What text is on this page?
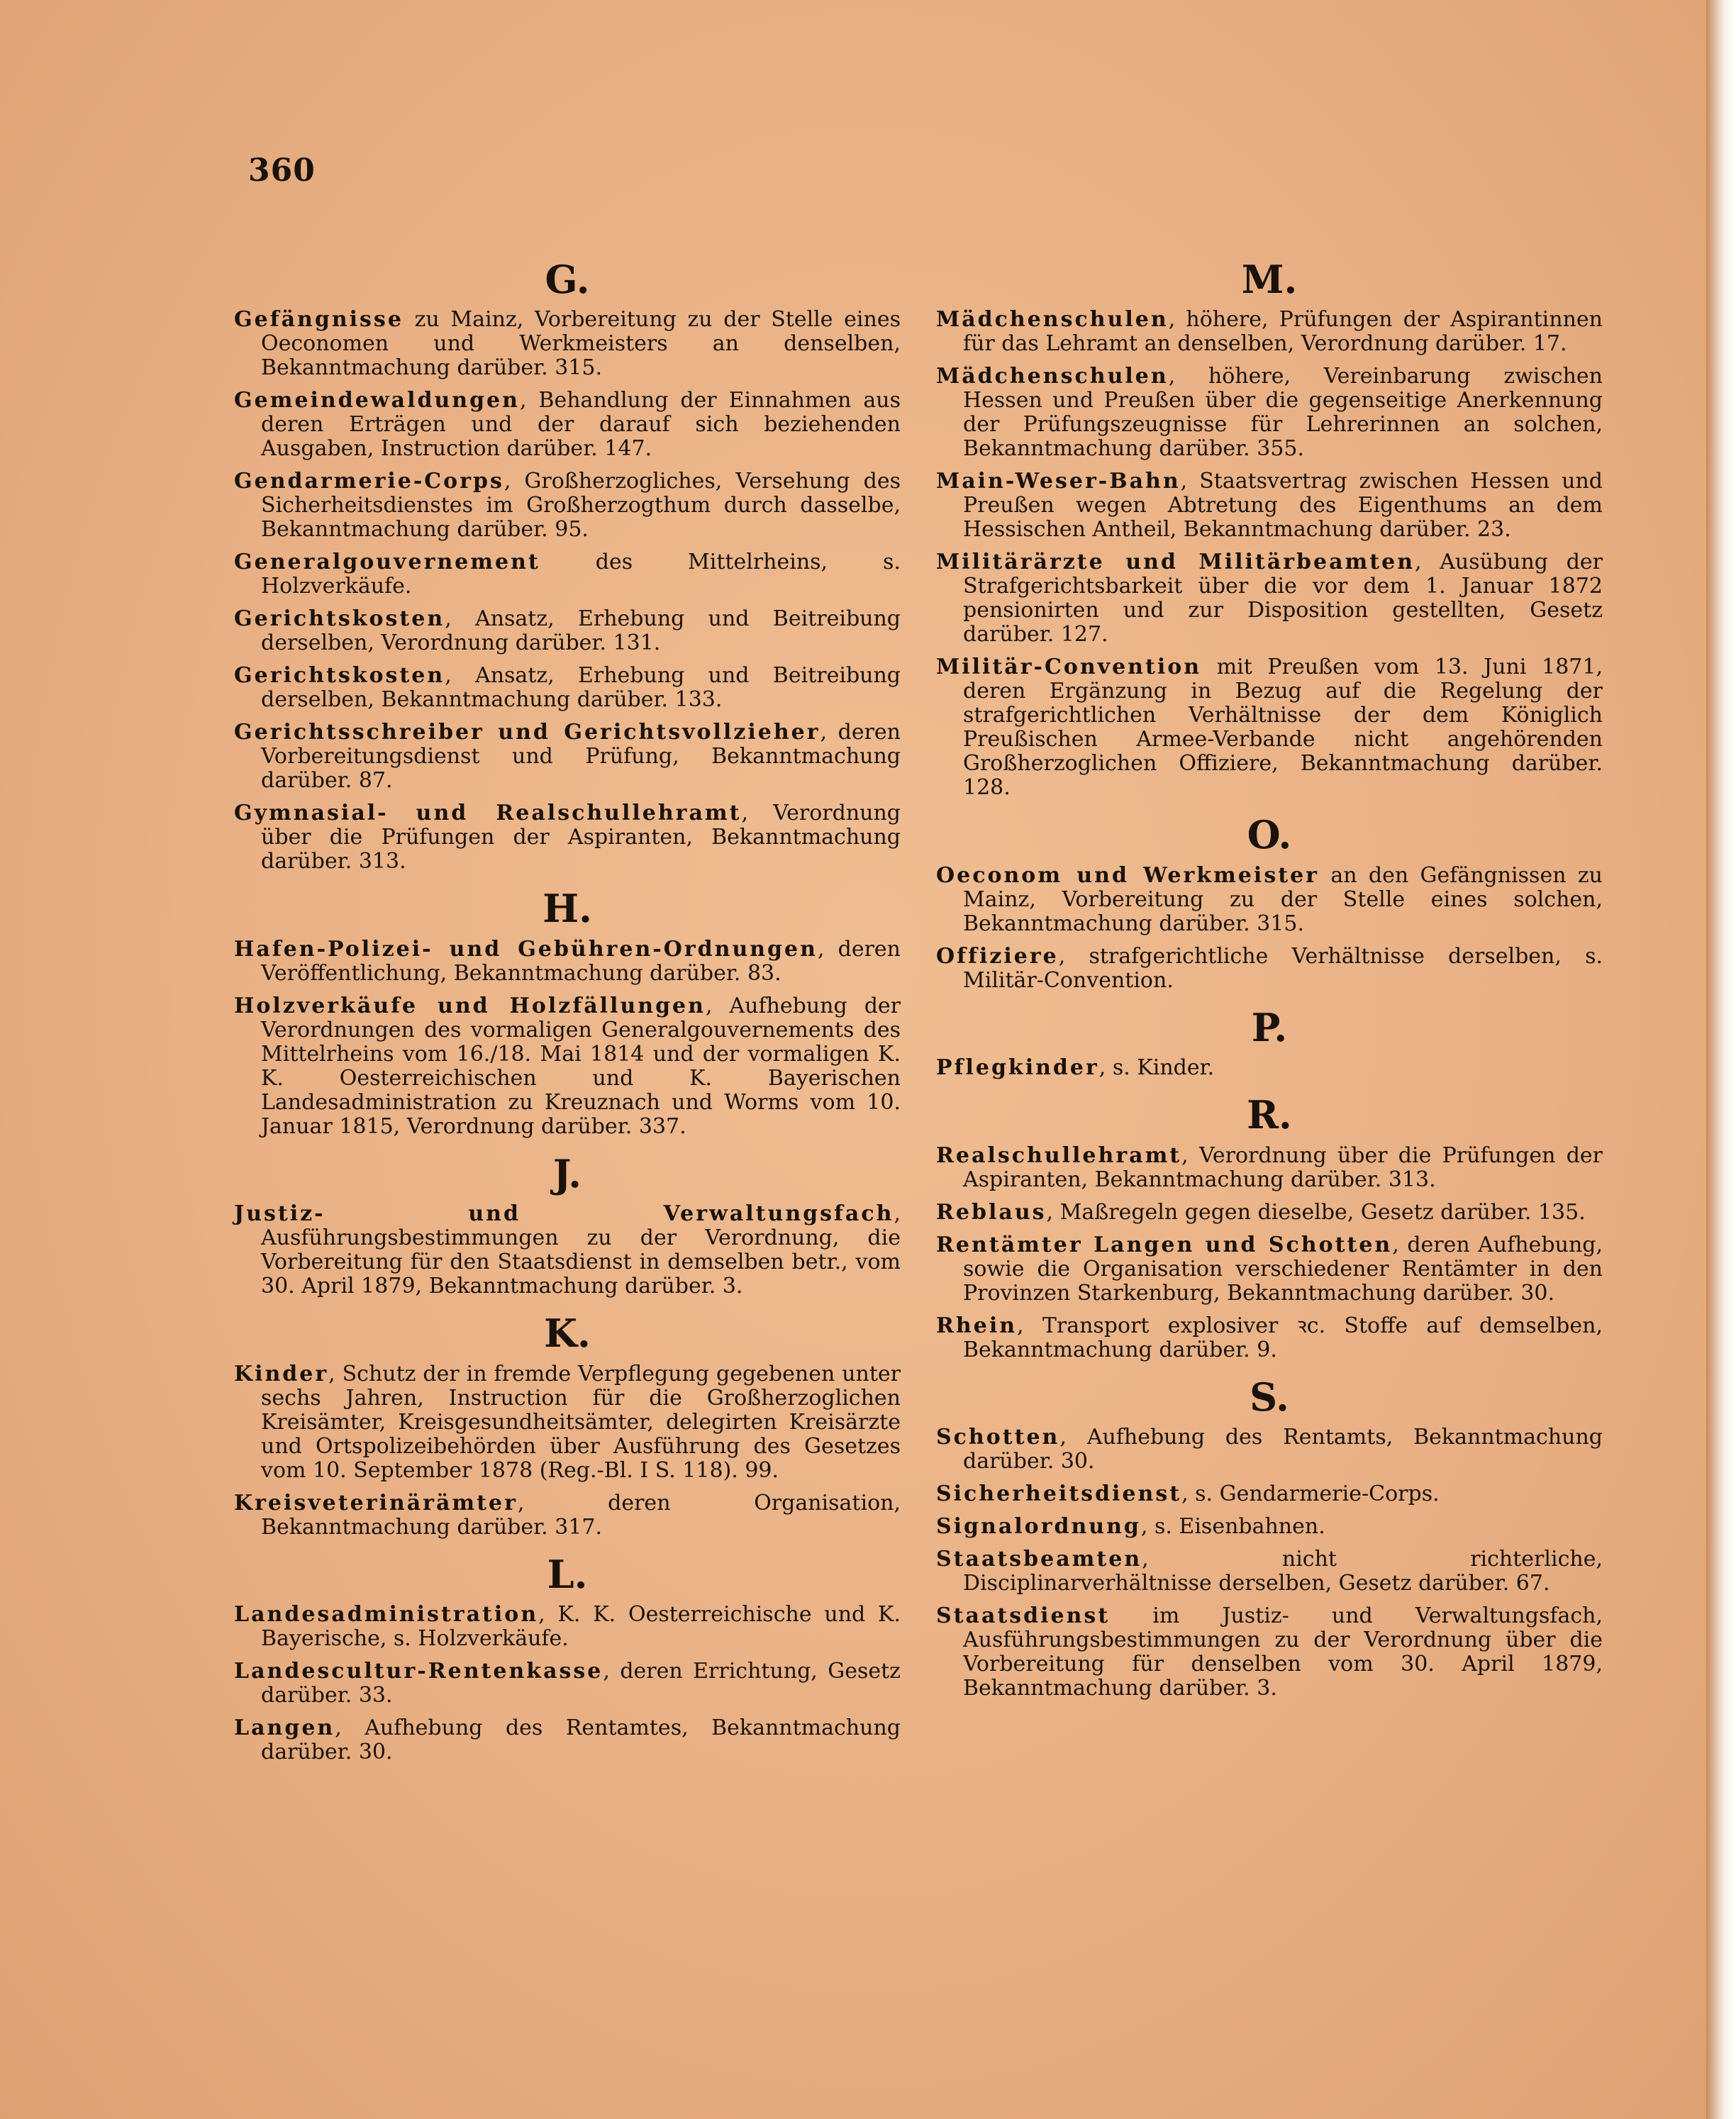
360
G.

Gefängnisse zu Mainz, Vorbereitung zu der Stelle eines Oeconomen und Werkmeisters an denselben, Bekanntmachung darüber. 315.

Gemeindewaldungen, Behandlung der Einnahmen aus deren Erträgen und der darauf sich beziehenden Ausgaben, Instruction darüber. 147.

Gendarmerie-Corps, Großherzogliches, Versehung des Sicherheitsdienstes im Großherzogthum durch dasselbe, Bekanntmachung darüber. 95.

Generalgouvernement des Mittelrheins, s. Holzverkäufe.

Gerichtskosten, Ansatz, Erhebung und Beitreibung derselben, Verordnung darüber. 131.

Gerichtskosten, Ansatz, Erhebung und Beitreibung derselben, Bekanntmachung darüber. 133.

Gerichtsschreiber und Gerichtsvollzieher, deren Vorbereitungsdienst und Prüfung, Bekanntmachung darüber. 87.

Gymnasial- und Realschullehramt, Verordnung über die Prüfungen der Aspiranten, Bekanntmachung darüber. 313.

H.

Hafen-Polizei- und Gebühren-Ordnungen, deren Veröffentlichung, Bekanntmachung darüber. 83.

Holzverkäufe und Holzfällungen, Aufhebung der Verordnungen des vormaligen Generalgouvernements des Mittelrheins vom 16./18. Mai 1814 und der vormaligen K. K. Oesterreichischen und K. Bayerischen Landesadministration zu Kreuznach und Worms vom 10. Januar 1815, Verordnung darüber. 337.

J.

Justiz- und Verwaltungsfach, Ausführungsbestimmungen zu der Verordnung, die Vorbereitung für den Staatsdienst in demselben betr., vom 30. April 1879, Bekanntmachung darüber. 3.

K.

Kinder, Schutz der in fremde Verpflegung gegebenen unter sechs Jahren, Instruction für die Großherzoglichen Kreisämter, Kreisgesundheitsämter, delegirten Kreisärzte und Ortspolizeibehörden über Ausführung des Gesetzes vom 10. September 1878 (Reg.-Bl. I S. 118). 99.

Kreisveterinärämter, deren Organisation, Bekanntmachung darüber. 317.

L.

Landesadministration, K. K. Oesterreichische und K. Bayerische, s. Holzverkäufe.

Landescultur-Rentenkasse, deren Errichtung, Gesetz darüber. 33.

Langen, Aufhebung des Rentamtes, Bekanntmachung darüber. 30.

M.

Mädchenschulen, höhere, Prüfungen der Aspirantinnen für das Lehramt an denselben, Verordnung darüber. 17.

Mädchenschulen, höhere, Vereinbarung zwischen Hessen und Preußen über die gegenseitige Anerkennung der Prüfungszeugnisse für Lehrerinnen an solchen, Bekanntmachung darüber. 355.

Main-Weser-Bahn, Staatsvertrag zwischen Hessen und Preußen wegen Abtretung des Eigenthums an dem Hessischen Antheil, Bekanntmachung darüber. 23.

Militärärzte und Militärbeamten, Ausübung der Strafgerichtsbarkeit über die vor dem 1. Januar 1872 pensionirten und zur Disposition gestellten, Gesetz darüber. 127.

Militär-Convention mit Preußen vom 13. Juni 1871, deren Ergänzung in Bezug auf die Regelung der strafgerichtlichen Verhältnisse der dem Königlich Preußischen Armee-Verbande nicht angehörenden Großherzoglichen Offiziere, Bekanntmachung darüber. 128.

O.

Oeconom und Werkmeister an den Gefängnissen zu Mainz, Vorbereitung zu der Stelle eines solchen, Bekanntmachung darüber. 315.

Offiziere, strafgerichtliche Verhältnisse derselben, s. Militär-Convention.

P.

Pflegkinder, s. Kinder.

R.

Realschullehramt, Verordnung über die Prüfungen der Aspiranten, Bekanntmachung darüber. 313.

Reblaus, Maßregeln gegen dieselbe, Gesetz darüber. 135.

Rentämter Langen und Schotten, deren Aufhebung, sowie die Organisation verschiedener Rentämter in den Provinzen Starkenburg, Bekanntmachung darüber. 30.

Rhein, Transport explosiver ꝛc. Stoffe auf demselben, Bekanntmachung darüber. 9.

S.

Schotten, Aufhebung des Rentamts, Bekanntmachung darüber. 30.

Sicherheitsdienst, s. Gendarmerie-Corps.

Signalordnung, s. Eisenbahnen.

Staatsbeamten, nicht richterliche, Disciplinarverhältnisse derselben, Gesetz darüber. 67.

Staatsdienst im Justiz- und Verwaltungsfach, Ausführungsbestimmungen zu der Verordnung über die Vorbereitung für denselben vom 30. April 1879, Bekanntmachung darüber. 3.
